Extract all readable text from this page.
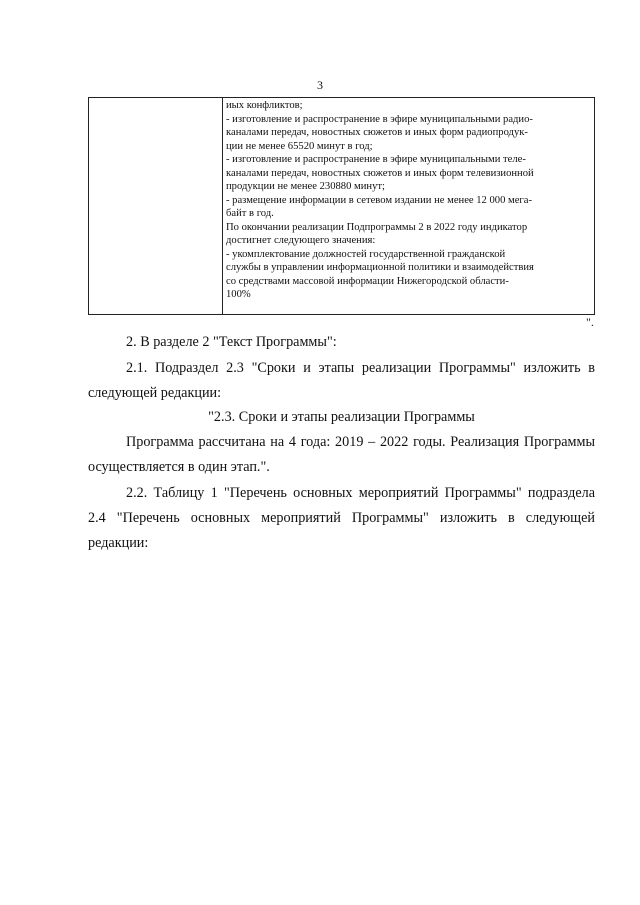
3

иых конфликтов;

- изготовление и распространение в эфире муниципальными радио-

каналами передач, новостных сюжетов и иных форм радиопродук-

ции не менее 65520 минут в год;

- изготовление и распространение в эфире муниципальными теле-

каналами передач, новостных сюжетов и иных форм телевизионной

продукции не менее 230880 минут;

- размещение информации в сетевом издании не менее 12 000 мега-

байт в год.

По окончании реализации Подпрограммы 2 в 2022 году индикатор

достигнет следующего значения:

- укомплектование должностей государственной гражданской

службы в управлении информационной политики и взаимодействия

со средствами массовой информации Нижегородской области-

100%

".
2. В разделе 2 "Текст Программы":
2.1. Подраздел 2.3 "Сроки и этапы реализации Программы" изложить в следующей редакции:
"2.3. Сроки и этапы реализации Программы
Программа рассчитана на 4 года: 2019 – 2022 годы. Реализация Программы осуществляется в один этап.".
2.2. Таблицу 1 "Перечень основных мероприятий Программы" подраздела 2.4 "Перечень основных мероприятий Программы" изложить в следующей редакции:
